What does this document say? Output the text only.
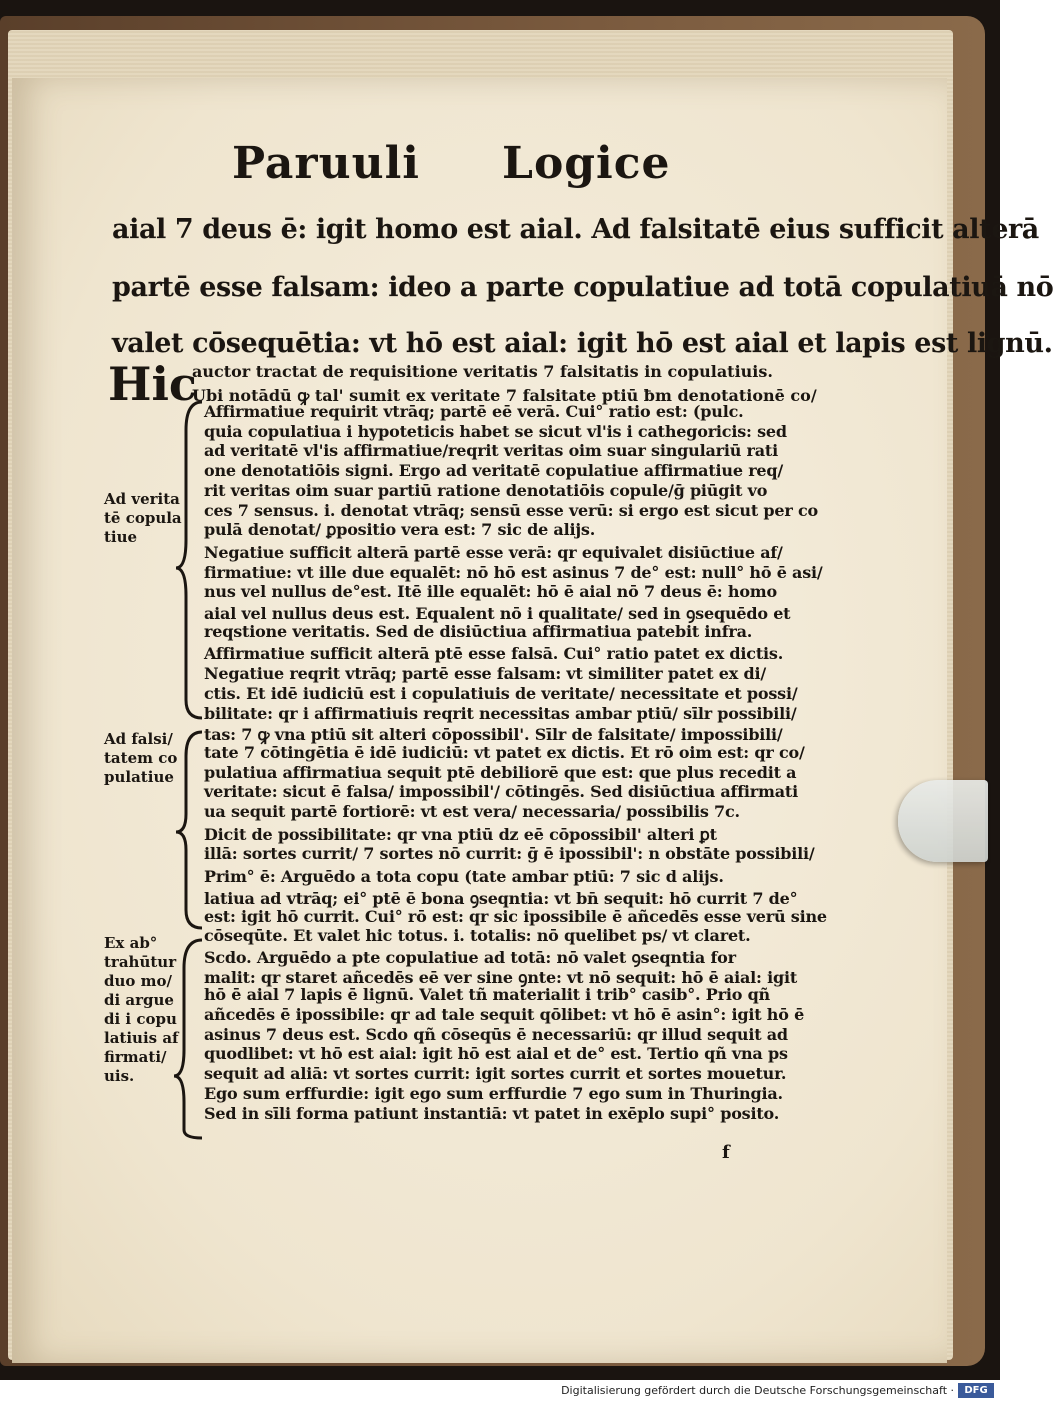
Paruuli Logice
aial 7 deus ē: igit homo est aial. Ad falsitatē eius sufficit alterā
partē esse falsam: ideo a parte copulatiue ad totā copulatiuā nō
valet cōsequētia: vt hō est aial: igit hō est aial et lapis est lignū.
Hic
auctor tractat de requisitione veritatis 7 falsitatis in copulatiuis.
Ubi notādū ꝙ tal' sumit ex veritate 7 falsitate ptiū ƀm denotationē co/
Ad verita
tē copula
tiue
Ad falsi/
tatem co
pulatiue
Ex ab°
trahūtur
duo mo/
di argue
di i copu
latiuis af
firmati/
uis.
Affirmatiue requirit vtrāq; partē eē verā. Cui° ratio est: (pulc.
quia copulatiua i hypoteticis habet se sicut vl'is i cathegoricis: sed
ad veritatē vl'is affirmatiue/reqrit veritas oim suar singulariū rati
one denotatiōis signi. Ergo ad veritatē copulatiue affirmatiue req/
rit veritas oim suar partiū ratione denotatiōis copule/ḡ piūgit vo
ces 7 sensus. i. denotat vtrāq; sensū esse verū: si ergo est sicut per co
pulā denotat/ ꝑpositio vera est: 7 sic de alijs.
Negatiue sufficit alterā partē esse verā: qr equivalet disiūctiue af/
firmatiue: vt ille due equalēt: nō hō est asinus 7 de° est: null° hō ē asi/
nus vel nullus de°est. Itē ille equalēt: hō ē aial nō 7 deus ē: homo
aial vel nullus deus est. Equalent nō i qualitate/ sed in ꝯsequēdo et
reqstione veritatis. Sed de disiūctiua affirmatiua patebit infra.
Affirmatiue sufficit alterā ptē esse falsā. Cui° ratio patet ex dictis.
Negatiue reqrit vtrāq; partē esse falsam: vt similiter patet ex di/
ctis. Et idē iudiciū est i copulatiuis de veritate/ necessitate et possi/
bilitate: qr i affirmatiuis reqrit necessitas ambar ptiū/ sīlr possibili/
tas: 7 ꝙ vna ptiū sit alteri cōpossibil'. Sīlr de falsitate/ impossibili/
tate 7 cōtingētia ē idē iudiciū: vt patet ex dictis. Et rō oim est: qr co/
pulatiua affirmatiua sequit ptē debiliorē que est: que plus recedit a
veritate: sicut ē falsa/ impossibil'/ cōtingēs. Sed disiūctiua affirmati
ua sequit partē fortiorē: vt est vera/ necessaria/ possibilis 7c.
Dicit de possibilitate: qr vna ptiū dz eē cōpossibil' alteri ꝑt
illā: sortes currit/ 7 sortes nō currit: ḡ ē ipossibil': n obstāte possibili/
Prim° ē: Arguēdo a tota copu (tate ambar ptiū: 7 sic d alijs.
latiua ad vtrāq; ei° ptē ē bona ꝯseqntia: vt bn̄ sequit: hō currit 7 de°
est: igit hō currit. Cui° rō est: qr sic ipossibile ē añcedēs esse verū sine
cōseqūte. Et valet hic totus. i. totalis: nō quelibet ps/ vt claret.
Scdo. Arguēdo a pte copulatiue ad totā: nō valet ꝯseqntia for
malit: qr staret añcedēs eē ver sine ꝯnte: vt nō sequit: hō ē aial: igit
hō ē aial 7 lapis ē lignū. Valet tñ materialit i trib° casib°. Prio qñ
añcedēs ē ipossibile: qr ad tale sequit qōlibet: vt hō ē asin°: igit hō ē
asinus 7 deus est. Scdo qñ cōseqūs ē necessariū: qr illud sequit ad
quodlibet: vt hō est aial: igit hō est aial et de° est. Tertio qñ vna ps
sequit ad aliā: vt sortes currit: igit sortes currit et sortes mouetur.
Ego sum erffurdie: igit ego sum erffurdie 7 ego sum in Thuringia.
Sed in sīli forma patiunt instantiā: vt patet in exēplo supi° posito.
f
Digitalisierung gefördert durch die Deutsche Forschungsgemeinschaft ·	DFG
